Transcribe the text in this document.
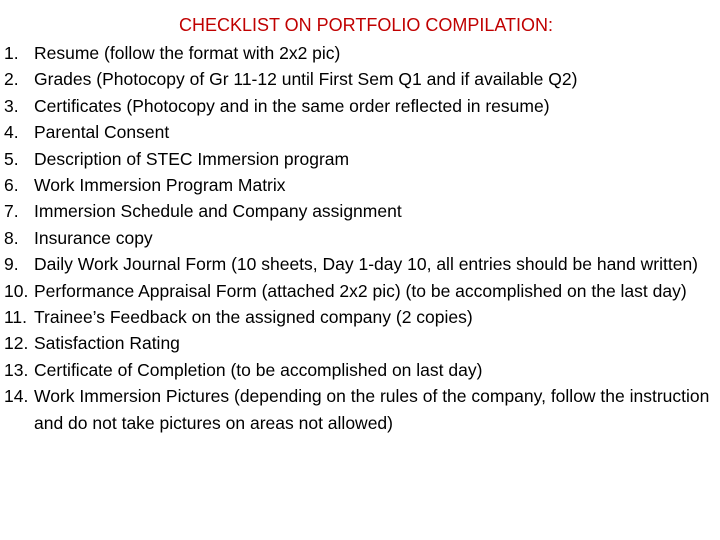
CHECKLIST ON PORTFOLIO COMPILATION:
1. Resume (follow the format with 2x2 pic)
2. Grades (Photocopy of Gr 11-12 until First Sem Q1 and if available Q2)
3. Certificates (Photocopy and in the same order reflected in resume)
4. Parental Consent
5. Description of STEC Immersion program
6. Work Immersion Program Matrix
7. Immersion Schedule and Company assignment
8. Insurance copy
9. Daily Work Journal Form (10 sheets, Day 1-day 10, all entries should be hand written)
10. Performance Appraisal Form (attached 2x2 pic) (to be accomplished on the last day)
11. Trainee’s Feedback on the assigned company (2 copies)
12. Satisfaction Rating
13. Certificate of Completion (to be accomplished on last day)
14. Work Immersion Pictures (depending on the rules of the company, follow the instruction and do not take pictures on areas not allowed)
